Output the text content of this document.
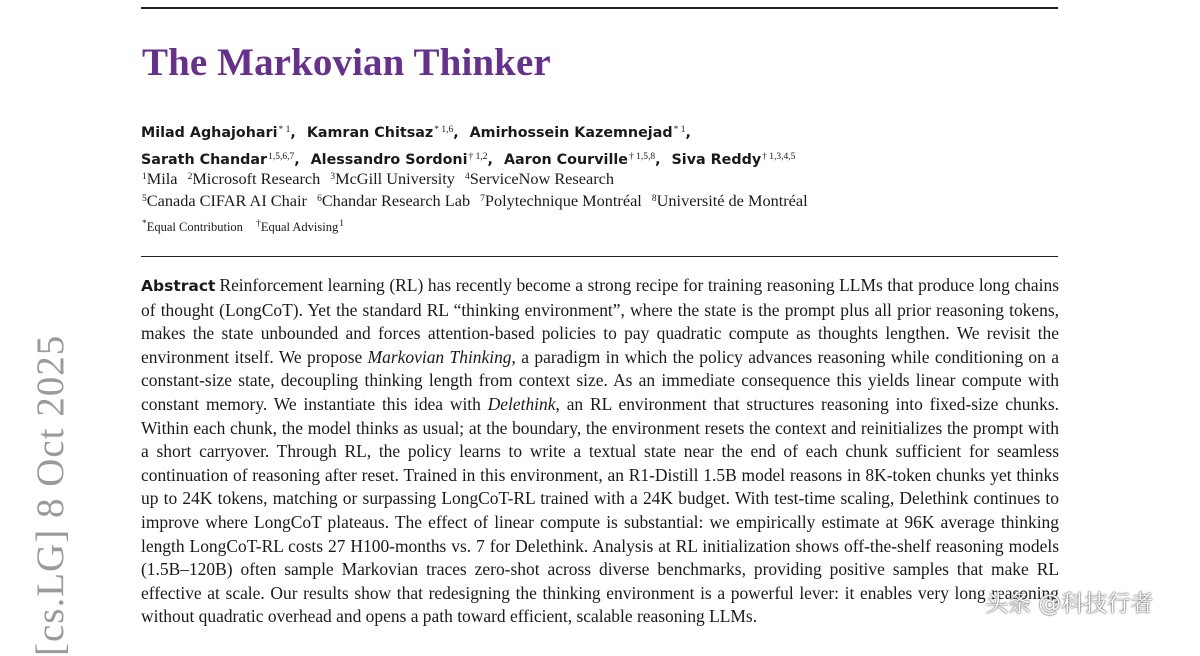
The Markovian Thinker
Milad Aghajohari$^{* 1}$, Kamran Chitsaz$^{* 1,6}$, Amirhossein Kazemnejad$^{* 1}$,
Sarath Chandar$^{1,5,6,7}$, Alessandro Sordoni$^{\dagger 1,2}$, Aaron Courville$^{\dagger 1,5,8}$, Siva Reddy$^{\dagger 1,3,4,5}$
$^1$Mila $^2$Microsoft Research $^3$McGill University $^4$ServiceNow Research
$^5$Canada CIFAR AI Chair $^6$Chandar Research Lab $^7$Polytechnique Montréal $^8$Université de Montréal
*Equal Contribution †Equal Advising$^1$

Abstract Reinforcement learning (RL) has recently become a strong recipe for training reasoning LLMs that produce long chains of thought (LongCoT). Yet the standard RL “thinking environment”, where the state is the prompt plus all prior reasoning tokens, makes the state unbounded and forces attention-based policies to pay quadratic compute as thoughts lengthen. We revisit the environment itself. We propose Markovian Thinking, a paradigm in which the policy advances reasoning while conditioning on a constant-size state, decoupling thinking length from context size. As an immediate consequence this yields linear compute with constant memory. We instantiate this idea with Delethink, an RL environment that structures reasoning into fixed-size chunks. Within each chunk, the model thinks as usual; at the boundary, the environment resets the context and reinitializes the prompt with a short carryover. Through RL, the policy learns to write a textual state near the end of each chunk sufficient for seamless continuation of reasoning after reset. Trained in this environment, an R1-Distill 1.5B model reasons in 8K-token chunks yet thinks up to 24K tokens, matching or surpassing LongCoT-RL trained with a 24K budget. With test-time scaling, Delethink continues to improve where LongCoT plateaus. The effect of linear compute is substantial: we empirically estimate at 96K average thinking length LongCoT-RL costs 27 H100-months vs. 7 for Delethink. Analysis at RL initialization shows off-the-shelf reasoning models (1.5B–120B) often sample Markovian traces zero-shot across diverse benchmarks, providing positive samples that make RL effective at scale. Our results show that redesigning the thinking environment is a powerful lever: it enables very long reasoning without quadratic overhead and opens a path toward efficient, scalable reasoning LLMs.

[cs.LG] 8 Oct 2025	头条 @科技行者
